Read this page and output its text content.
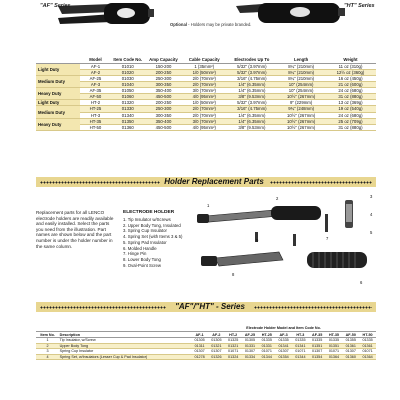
"AF" Series	"HT" Series
Optional - Holders may be private branded.
	Model	Item Code No.	Amp Capacity	Cable Capacity	Electrodes Up To	Length	Weight
Light Duty	AF-1	01010	150-200	1 (35mm²)	5/32" (3.97mm)	8¼" (210mm)	11 oz (310g)
	AF-2	01020	200-250	1/0 (50mm²)	5/32" (3.97mm)	8¼" (210mm)	12½ oz (360g)
Medium Duty	AF-25	01030	250-300	2/0 (70mm²)	3/16" (4.75mm)	8¼" (210mm)	16 oz (450g)
	AF-3	01040	300-350	2/0 (70mm²)	1/4" (6.35mm)	10" (254mm)	21 oz (600g)
Heavy Duty	AF-35	01050	350-400	3/0 (70mm²)	1/4" (6.35mm)	10" (254mm)	24 oz (680g)
	AF-50	01060	450-500	4/0 (95mm²)	3/8" (9.53mm)	10½" (267mm)	31 oz (880g)
Light Duty	HT-2	01320	200-250	1/0 (50mm²)	5/32" (3.97mm)	9" (229mm)	13 oz (369g)
Medium Duty	HT-25	01330	250-300	2/0 (70mm²)	3/16" (4.75mm)	9¾" (248mm)	19 oz (540g)
	HT-3	01340	300-350	2/0 (70mm²)	1/4" (6.35mm)	10½" (267mm)	24 oz (680g)
Heavy Duty	HT-35	01350	350-400	3/0 (70mm²)	1/4" (6.35mm)	10½" (267mm)	25 oz (709g)
	HT-50	01360	450-500	4/0 (95mm²)	3/8" (9.53mm)	10½" (267mm)	31 oz (880g)
Holder Replacement Parts

Replacement parts for all LENCO electrode holders are readily available and easily installed. Select the parts you need from the illustration. Part names are shown below and the part number is under the holder number in the same column.

ELECTRODE HOLDER
1. Tip Insulator w/Screws
2. Upper Body Tong, Insulated
3. Spring Cup Insulator
4. Spring Set (with Items 3 & 5)
5. Spring Pad Insulator
6. Molded Handle
7. Hinge Pin
8. Lower Body Tong
9. Oval-Point Screw
1
2	3
4
5
6
7
8
9
"AF"/"HT" - Series
		Electrode Holder Model and Item Code No.										
Item No.	Description	AF-1	AF-2	HT-2	AF-25	HT-25	AF-3	HT-3	AF-35	HT-35	AF-50	HT-50
1	Tip Insulator, w/Screw	01305	01305	01325	01305	01335	01335	01335	01335	01335	01355	01335
2	Upper Body Tong	01311	01321	01321	01331	01331	01341	01341	01351	01351	01361	01361
3	Spring Cup Insulator	01307	01307	01071	01307	01071	01307	01071	01307	01071	01307	01071
4	Spring Set, w/Insulators (Lesser Cup & Pad Insulator)	01278	01326	01324	01334	01344	01354	01344	01354	01364	01360	01364
